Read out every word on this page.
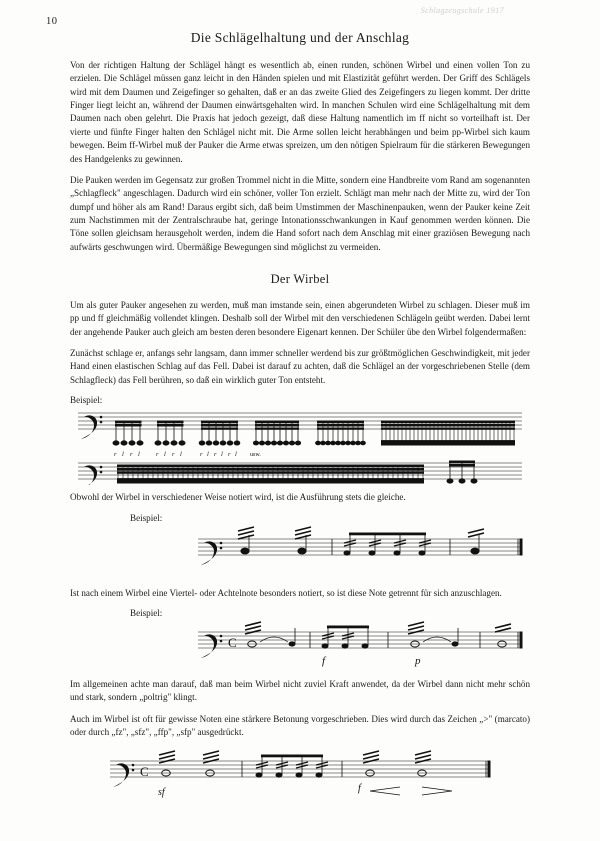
Schlagzeugschule 1917
10
Die Schlägelhaltung und der Anschlag

Von der richtigen Haltung der Schlägel hängt es wesentlich ab, einen runden, schönen Wirbel und einen vollen Ton zu erzielen. Die Schlägel müssen ganz leicht in den Händen spielen und mit Elastizität geführt werden. Der Griff des Schlägels wird mit dem Daumen und Zeigefinger so gehalten, daß er an das zweite Glied des Zeigefingers zu liegen kommt. Der dritte Finger liegt leicht an, während der Daumen einwärtsgehalten wird. In manchen Schulen wird eine Schlägelhaltung mit dem Daumen nach oben gelehrt. Die Praxis hat jedoch gezeigt, daß diese Haltung namentlich im ff nicht so vorteilhaft ist. Der vierte und fünfte Finger halten den Schlägel nicht mit. Die Arme sollen leicht herabhängen und beim pp-Wirbel sich kaum bewegen. Beim ff-Wirbel muß der Pauker die Arme etwas spreizen, um den nötigen Spielraum für die stärkeren Bewegungen des Handgelenks zu gewinnen.

Die Pauken werden im Gegensatz zur großen Trommel nicht in die Mitte, sondern eine Handbreite vom Rand am sogenannten „Schlagfleck" angeschlagen. Dadurch wird ein schöner, voller Ton erzielt. Schlägt man mehr nach der Mitte zu, wird der Ton dumpf und höher als am Rand! Daraus ergibt sich, daß beim Umstimmen der Maschinenpauken, wenn der Pauker keine Zeit zum Nachstimmen mit der Zentralschraube hat, geringe Intonationsschwankungen in Kauf genommen werden können. Die Töne sollen gleichsam herausgeholt werden, indem die Hand sofort nach dem Anschlag mit einer graziösen Bewegung nach aufwärts geschwungen wird. Übermäßige Bewegungen sind möglichst zu vermeiden.

Der Wirbel

Um als guter Pauker angesehen zu werden, muß man imstande sein, einen abgerundeten Wirbel zu schlagen. Dieser muß im pp und ff gleichmäßig vollendet klingen. Deshalb soll der Wirbel mit den verschiedenen Schlägeln geübt werden. Dabei lernt der angehende Pauker auch gleich am besten deren besondere Eigenart kennen. Der Schüler übe den Wirbel folgendermaßen:

Zunächst schlage er, anfangs sehr langsam, dann immer schneller werdend bis zur größtmöglichen Geschwindigkeit, mit jeder Hand einen elastischen Schlag auf das Fell. Dabei ist darauf zu achten, daß die Schlägel an der vorgeschriebenen Stelle (dem Schlagfleck) das Fell berühren, so daß ein wirklich guter Ton entsteht.

Beispiel:
r l r l r l r l	r l r l r l usw.

Obwohl der Wirbel in verschiedener Weise notiert wird, ist die Ausführung stets die gleiche.

Beispiel:

Ist nach einem Wirbel eine Viertel- oder Achtelnote besonders notiert, so ist diese Note getrennt für sich anzuschlagen.

Beispiel:
C
f	p

Im allgemeinen achte man darauf, daß man beim Wirbel nicht zuviel Kraft anwendet, da der Wirbel dann nicht mehr schön und stark, sondern „poltrig" klingt.

Auch im Wirbel ist oft für gewisse Noten eine stärkere Betonung vorgeschrieben. Dies wird durch das Zeichen „>" (marcato) oder durch „fz", „sfz", „ffp", „sfp" ausgedrückt.

C
sf	f
